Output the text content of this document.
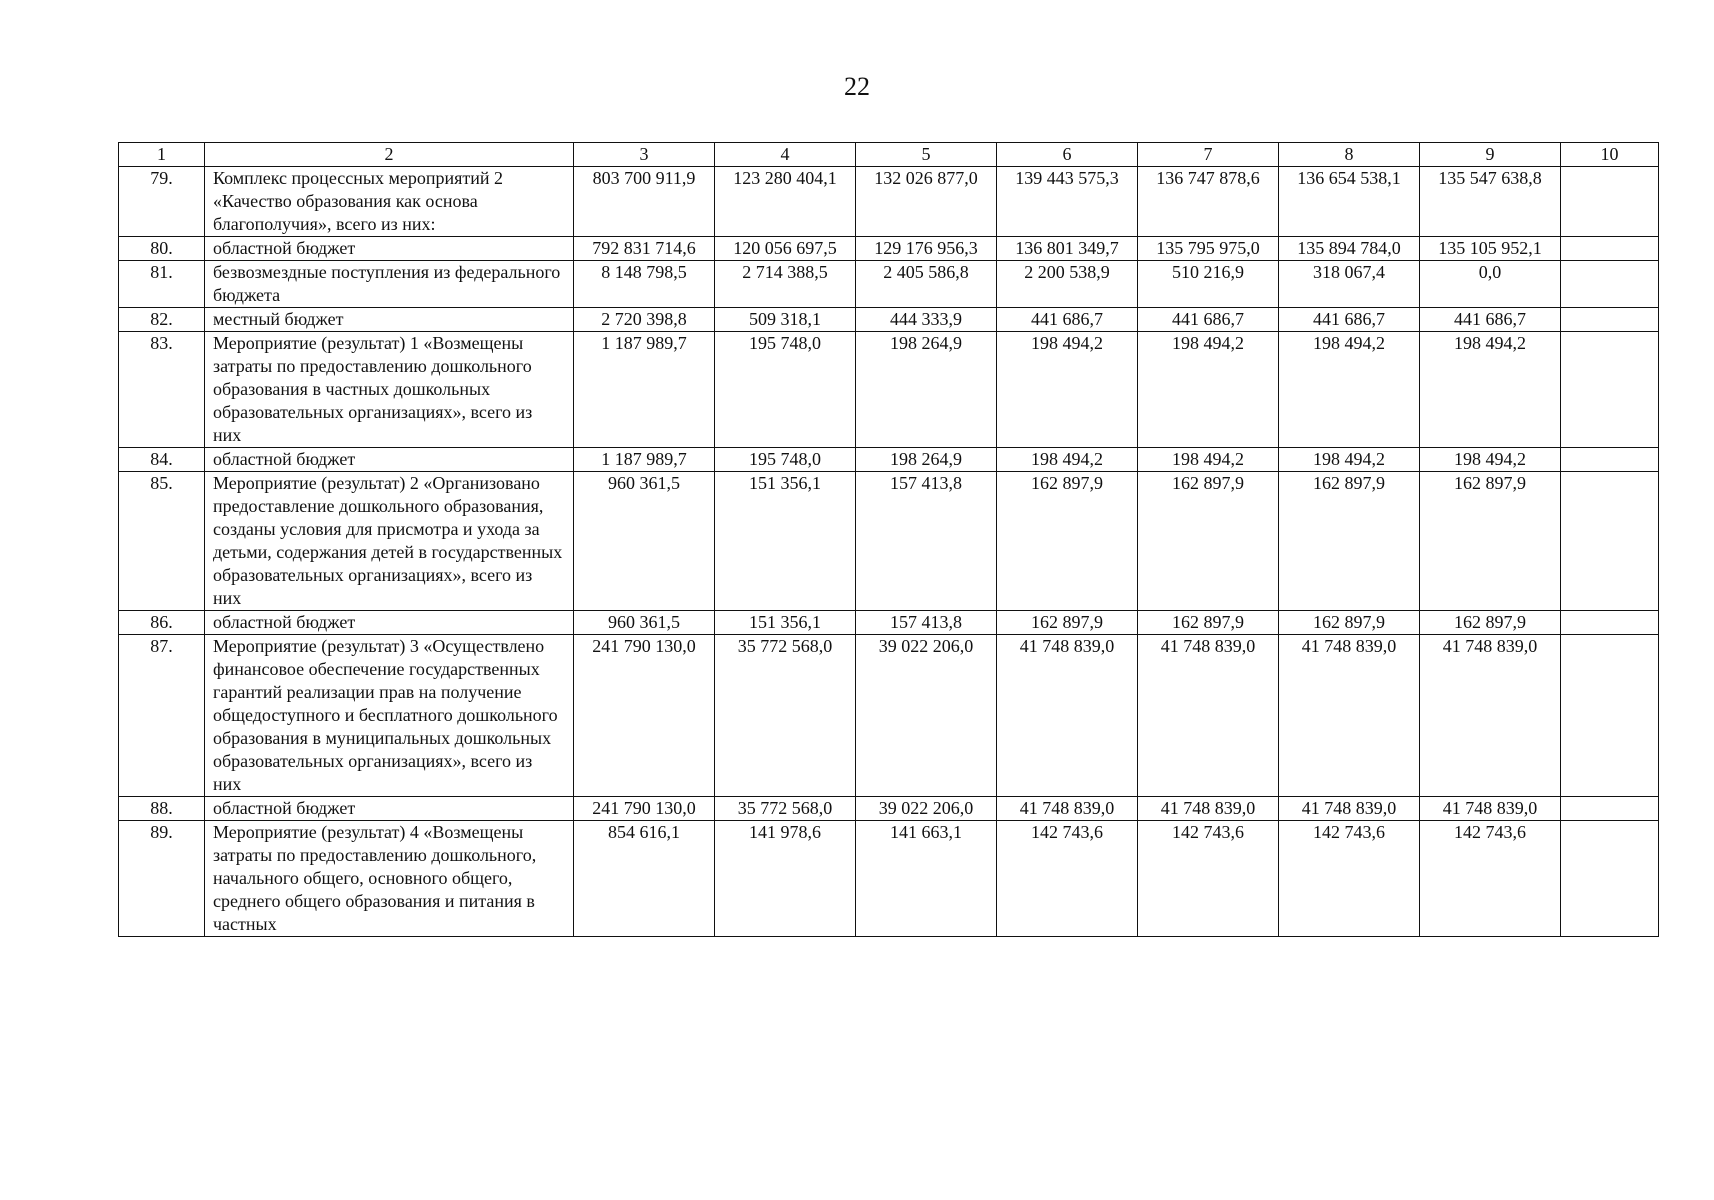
22
1	2	3	4	5	6	7	8	9	10
79.	Комплекс процессных мероприятий 2 «Качество образования как основа благополучия», всего из них:	803 700 911,9	123 280 404,1	132 026 877,0	139 443 575,3	136 747 878,6	136 654 538,1	135 547 638,8	
80.	областной бюджет	792 831 714,6	120 056 697,5	129 176 956,3	136 801 349,7	135 795 975,0	135 894 784,0	135 105 952,1	
81.	безвозмездные поступления из федерального бюджета	8 148 798,5	2 714 388,5	2 405 586,8	2 200 538,9	510 216,9	318 067,4	0,0	
82.	местный бюджет	2 720 398,8	509 318,1	444 333,9	441 686,7	441 686,7	441 686,7	441 686,7	
83.	Мероприятие (результат) 1 «Возмещены затраты по предоставлению дошкольного образования в частных дошкольных образовательных организациях», всего из них	1 187 989,7	195 748,0	198 264,9	198 494,2	198 494,2	198 494,2	198 494,2	
84.	областной бюджет	1 187 989,7	195 748,0	198 264,9	198 494,2	198 494,2	198 494,2	198 494,2	
85.	Мероприятие (результат) 2 «Организовано предоставление дошкольного образования, созданы условия для присмотра и ухода за детьми, содержания детей в государственных образовательных организациях», всего из них	960 361,5	151 356,1	157 413,8	162 897,9	162 897,9	162 897,9	162 897,9	
86.	областной бюджет	960 361,5	151 356,1	157 413,8	162 897,9	162 897,9	162 897,9	162 897,9	
87.	Мероприятие (результат) 3 «Осуществлено финансовое обеспечение государственных гарантий реализации прав на получение общедоступного и бесплатного дошкольного образования в муниципальных дошкольных образовательных организациях», всего из них	241 790 130,0	35 772 568,0	39 022 206,0	41 748 839,0	41 748 839,0	41 748 839,0	41 748 839,0	
88.	областной бюджет	241 790 130,0	35 772 568,0	39 022 206,0	41 748 839,0	41 748 839,0	41 748 839,0	41 748 839,0	
89.	Мероприятие (результат) 4 «Возмещены затраты по предоставлению дошкольного, начального общего, основного общего, среднего общего образования и питания в частных	854 616,1	141 978,6	141 663,1	142 743,6	142 743,6	142 743,6	142 743,6	
